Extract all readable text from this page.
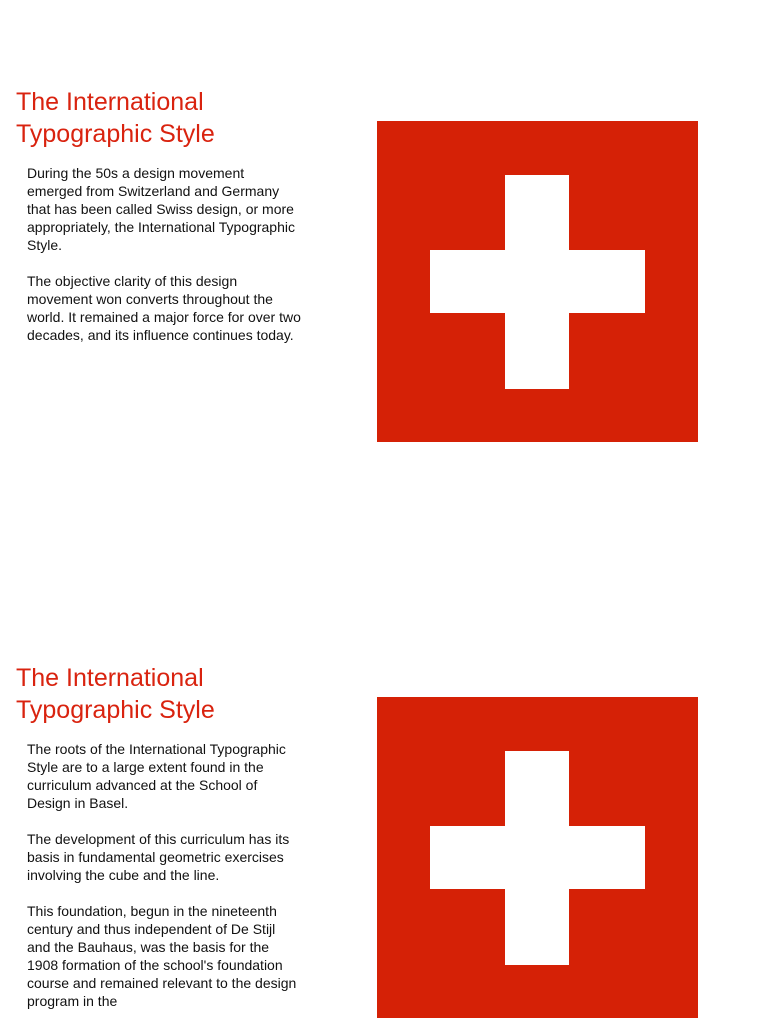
The International
Typographic Style

During the 50s a design movement emerged from Switzerland and Germany that has been called Swiss design, or more appropriately, the International Typographic Style.

The objective clarity of this design movement won converts throughout the world. It remained a major force for over two decades, and its influence continues today.

The International
Typographic Style

The roots of the International Typographic Style are to a large extent found in the curriculum advanced at the School of Design in Basel.

The development of this curriculum has its basis in fundamental geometric exercises involving the cube and the line.

This foundation, begun in the nineteenth century and thus independent of De Stijl and the Bauhaus, was the basis for the 1908 formation of the school's foundation course and remained relevant to the design program in the
